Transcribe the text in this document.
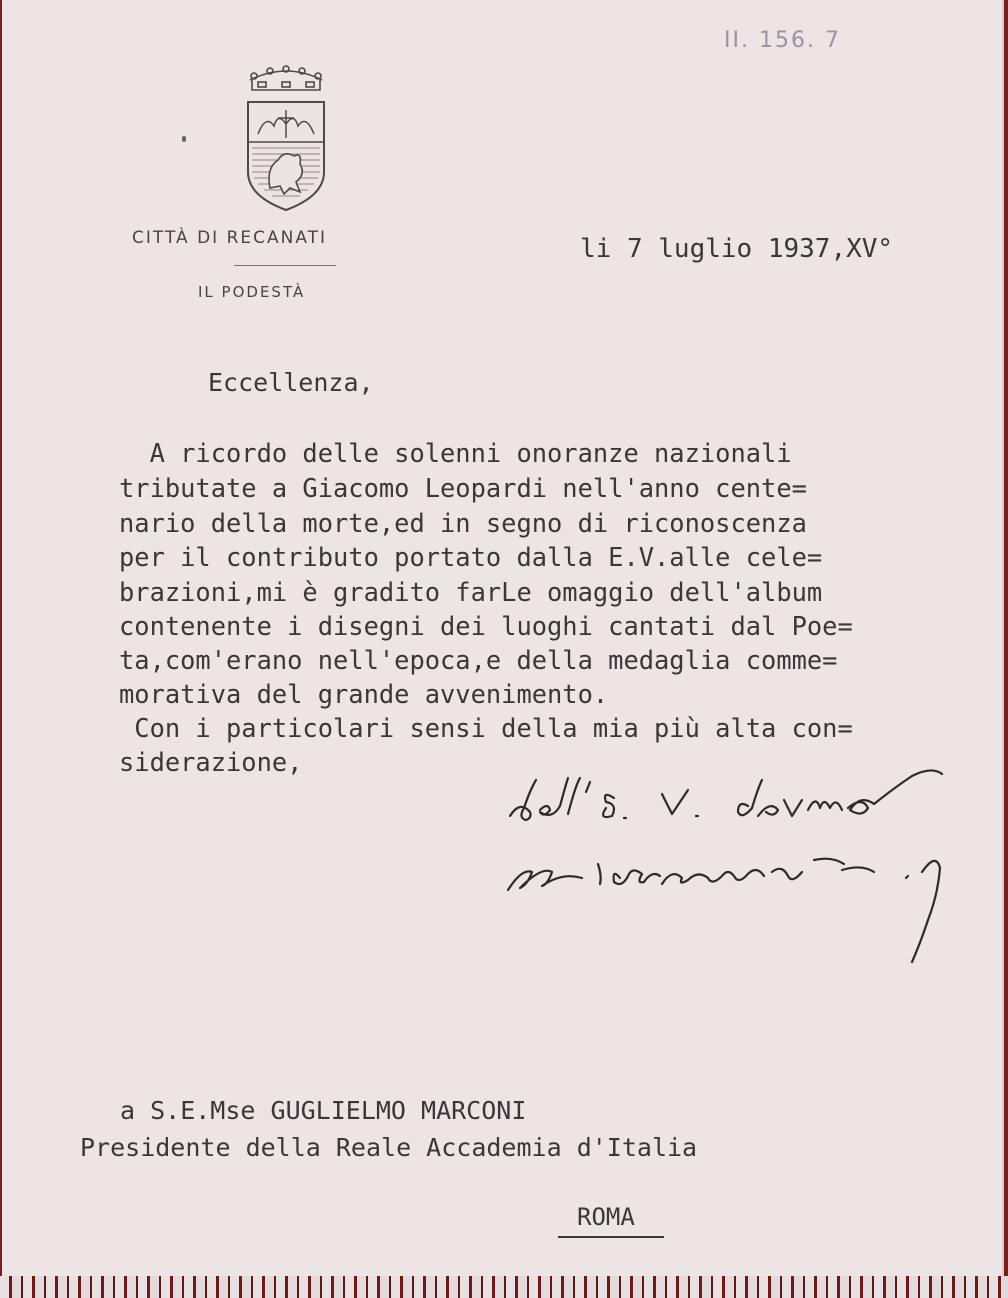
II. 156. 7
CITTÀ DI RECANATI
IL PODESTÀ
li 7 luglio 1937,XV°
Eccellenza,
A ricordo delle solenni onoranze nazionali
tributate a Giacomo Leopardi nell'anno cente=
nario della morte,ed in segno di riconoscenza
per il contributo portato dalla E.V.alle cele=
brazioni,mi è gradito farLe omaggio dell'album
contenente i disegni dei luoghi cantati dal Poe=
ta,com'erano nell'epoca,e della medaglia comme=
morativa del grande avvenimento.
Con i particolari sensi della mia più alta con=
siderazione,
a S.E.Mse GUGLIELMO MARCONI
Presidente della Reale Accademia d'Italia
ROMA
